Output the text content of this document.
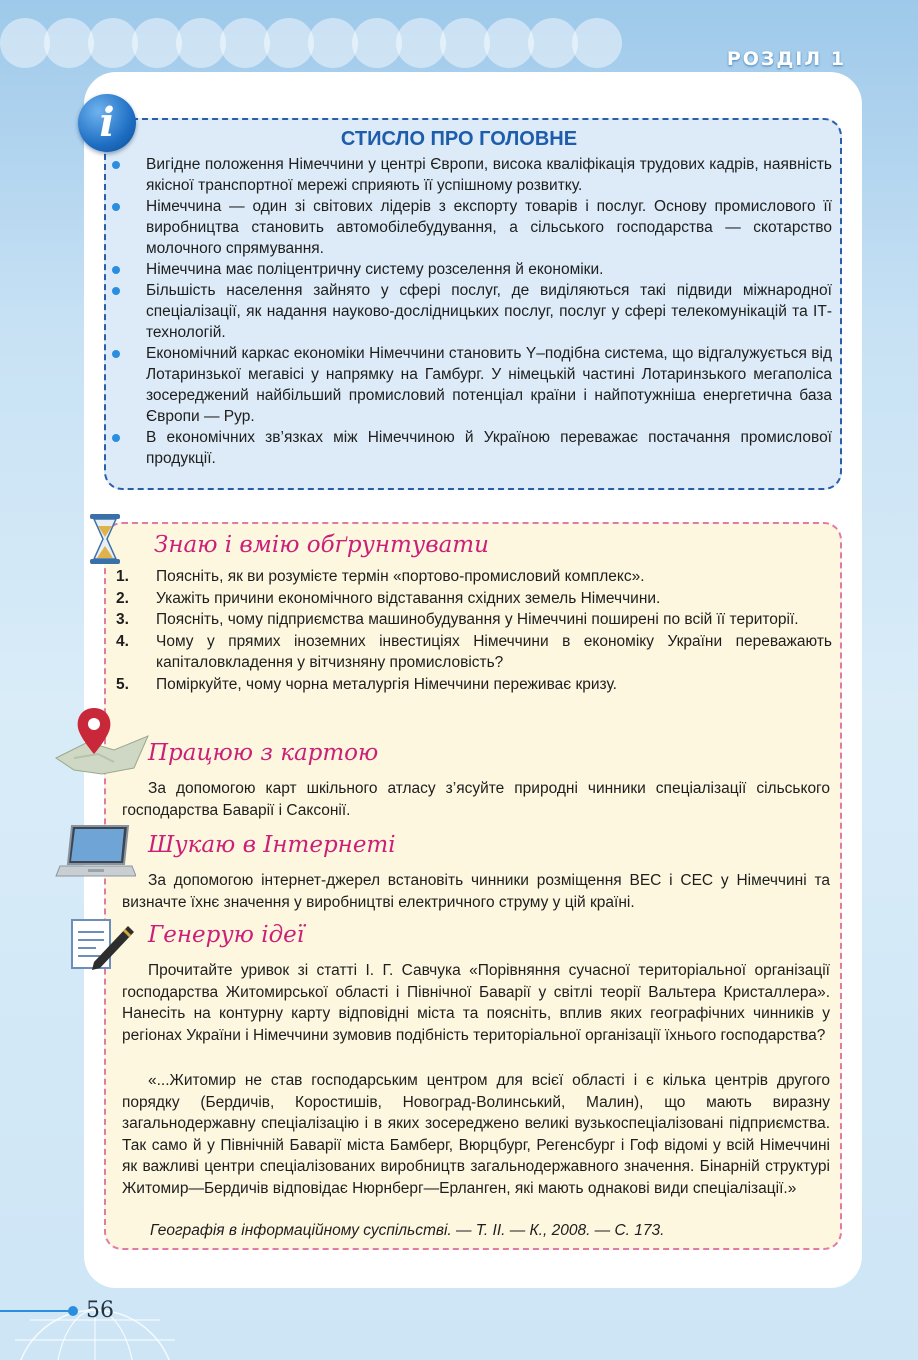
РОЗДІЛ 1
i	СТИСЛО ПРО ГОЛОВНЕ
Вигідне положення Німеччини у центрі Європи, висока кваліфікація трудових кадрів, наявність якісної транспортної мережі сприяють її успішному розвитку.
Німеччина — один зі світових лідерів з експорту товарів і послуг. Основу промислового її виробництва становить автомобілебудування, а сільського господарства — скотарство молочного спрямування.
Німеччина має поліцентричну систему розселення й економіки.
Більшість населення зайнято у сфері послуг, де виділяються такі підвиди міжнародної спеціалізації, як надання науково-дослідницьких послуг, послуг у сфері телекомунікацій та ІТ-технологій.
Економічний каркас економіки Німеччини становить Y–подібна система, що відгалужується від Лотаринзької мегавісі у напрямку на Гамбург. У німецькій частині Лотаринзького мегаполіса зосереджений найбільший промисловий потенціал країни і найпотужніша енергетична база Європи — Рур.
В економічних зв’язках між Німеччиною й Україною переважає постачання промислової продукції.
Знаю і вмію обґрунтувати
1. Поясніть, як ви розумієте термін «портово-промисловий комплекс».
2. Укажіть причини економічного відставання східних земель Німеччини.
3. Поясніть, чому підприємства машинобудування у Німеччині поширені по всій її території.
4. Чому у прямих іноземних інвестиціях Німеччини в економіку України переважають капіталовкладення у вітчизняну промисловість?
5. Поміркуйте, чому чорна металургія Німеччини переживає кризу.
Працюю з картою

За допомогою карт шкільного атласу з’ясуйте природні чинники спеціалізації сільського господарства Баварії і Саксонії.

Шукаю в Інтернеті

За допомогою інтернет-джерел встановіть чинники розміщення ВЕС і СЕС у Німеччині та визначте їхнє значення у виробництві електричного струму у цій країні.

Генерую ідеї

Прочитайте уривок зі статті І. Г. Савчука «Порівняння сучасної територіальної організації господарства Житомирської області і Північної Баварії у світлі теорії Вальтера Кристаллера». Нанесіть на контурну карту відповідні міста та поясніть, вплив яких географічних чинників у регіонах України і Німеччини зумовив подібність територіальної організації їхнього господарства?

«...Житомир не став господарським центром для всієї області і є кілька центрів другого порядку (Бердичів, Коростишів, Новоград-Волинський, Малин), що мають виразну загальнодержавну спеціалізацію і в яких зосереджено великі вузькоспеціалізовані підприємства. Так само й у Північній Баварії міста Бамберг, Вюрцбург, Регенсбург і Гоф відомі у всій Німеччині як важливі центри спеціалізованих виробництв загальнодержавного значення. Бінарній структурі Житомир—Бердичів відповідає Нюрнберг—Ерланген, які мають однакові види спеціалізації.»

Географія в інформаційному суспільстві. — Т. ІІ. — К., 2008. — С. 173.
56
